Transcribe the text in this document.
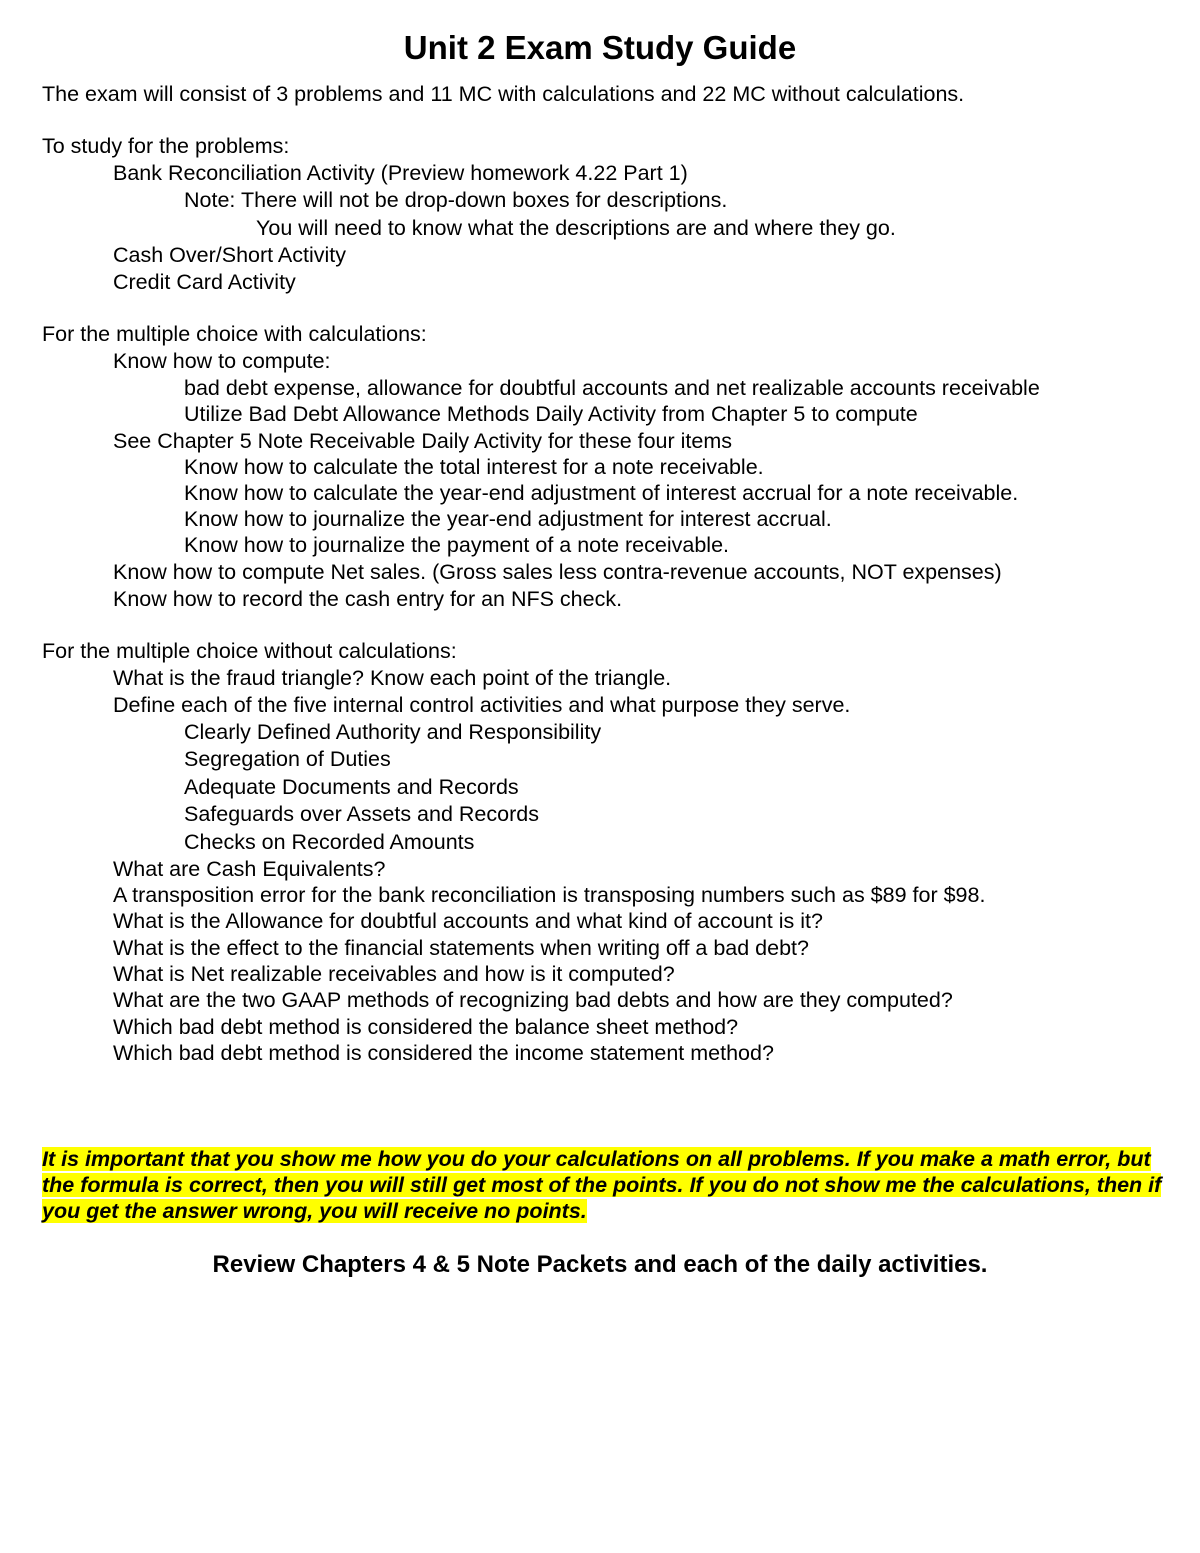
Unit 2 Exam Study Guide
The exam will consist of 3 problems and 11 MC with calculations and 22 MC without calculations.
To study for the problems:
Bank Reconciliation Activity (Preview homework 4.22 Part 1)
Note: There will not be drop-down boxes for descriptions.
You will need to know what the descriptions are and where they go.
Cash Over/Short Activity
Credit Card Activity
For the multiple choice with calculations:
Know how to compute:
bad debt expense, allowance for doubtful accounts and net realizable accounts receivable
Utilize Bad Debt Allowance Methods Daily Activity from Chapter 5 to compute
See Chapter 5 Note Receivable Daily Activity for these four items
Know how to calculate the total interest for a note receivable.
Know how to calculate the year-end adjustment of interest accrual for a note receivable.
Know how to journalize the year-end adjustment for interest accrual.
Know how to journalize the payment of a note receivable.
Know how to compute Net sales. (Gross sales less contra-revenue accounts, NOT expenses)
Know how to record the cash entry for an NFS check.
For the multiple choice without calculations:
What is the fraud triangle? Know each point of the triangle.
Define each of the five internal control activities and what purpose they serve.
Clearly Defined Authority and Responsibility
Segregation of Duties
Adequate Documents and Records
Safeguards over Assets and Records
Checks on Recorded Amounts
What are Cash Equivalents?
A transposition error for the bank reconciliation is transposing numbers such as $89 for $98.
What is the Allowance for doubtful accounts and what kind of account is it?
What is the effect to the financial statements when writing off a bad debt?
What is Net realizable receivables and how is it computed?
What are the two GAAP methods of recognizing bad debts and how are they computed?
Which bad debt method is considered the balance sheet method?
Which bad debt method is considered the income statement method?
It is important that you show me how you do your calculations on all problems. If you make a math error, but the formula is correct, then you will still get most of the points. If you do not show me the calculations, then if you get the answer wrong, you will receive no points.
Review Chapters 4 & 5 Note Packets and each of the daily activities.
